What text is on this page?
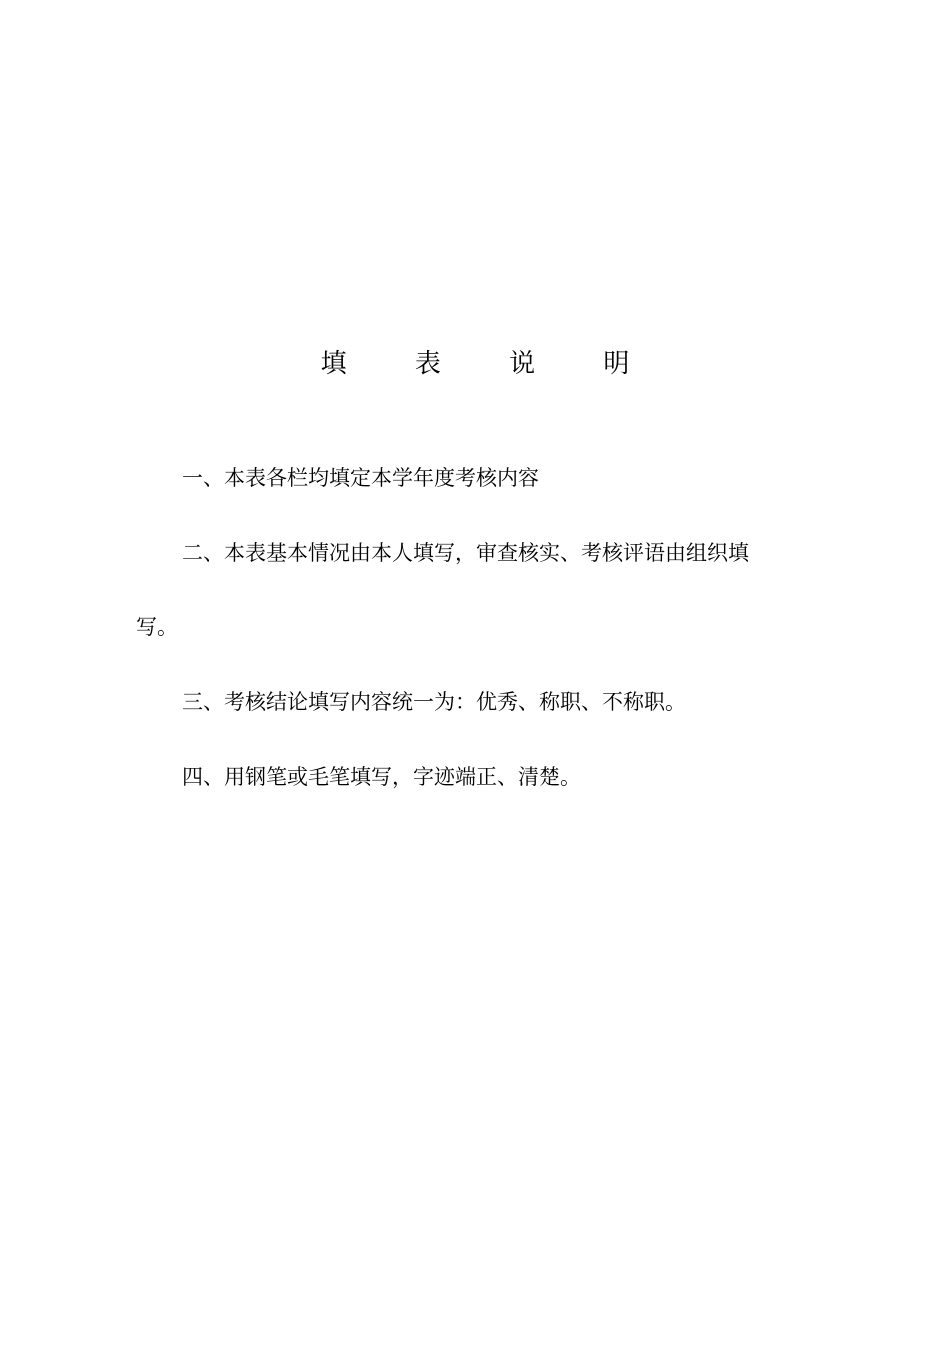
填 表 说 明

一、本表各栏均填定本学年度考核内容

二、本表基本情况由本人填写，审查核实、考核评语由组织填写。

三、考核结论填写内容统一为：优秀、称职、不称职。

四、用钢笔或毛笔填写，字迹端正、清楚。
